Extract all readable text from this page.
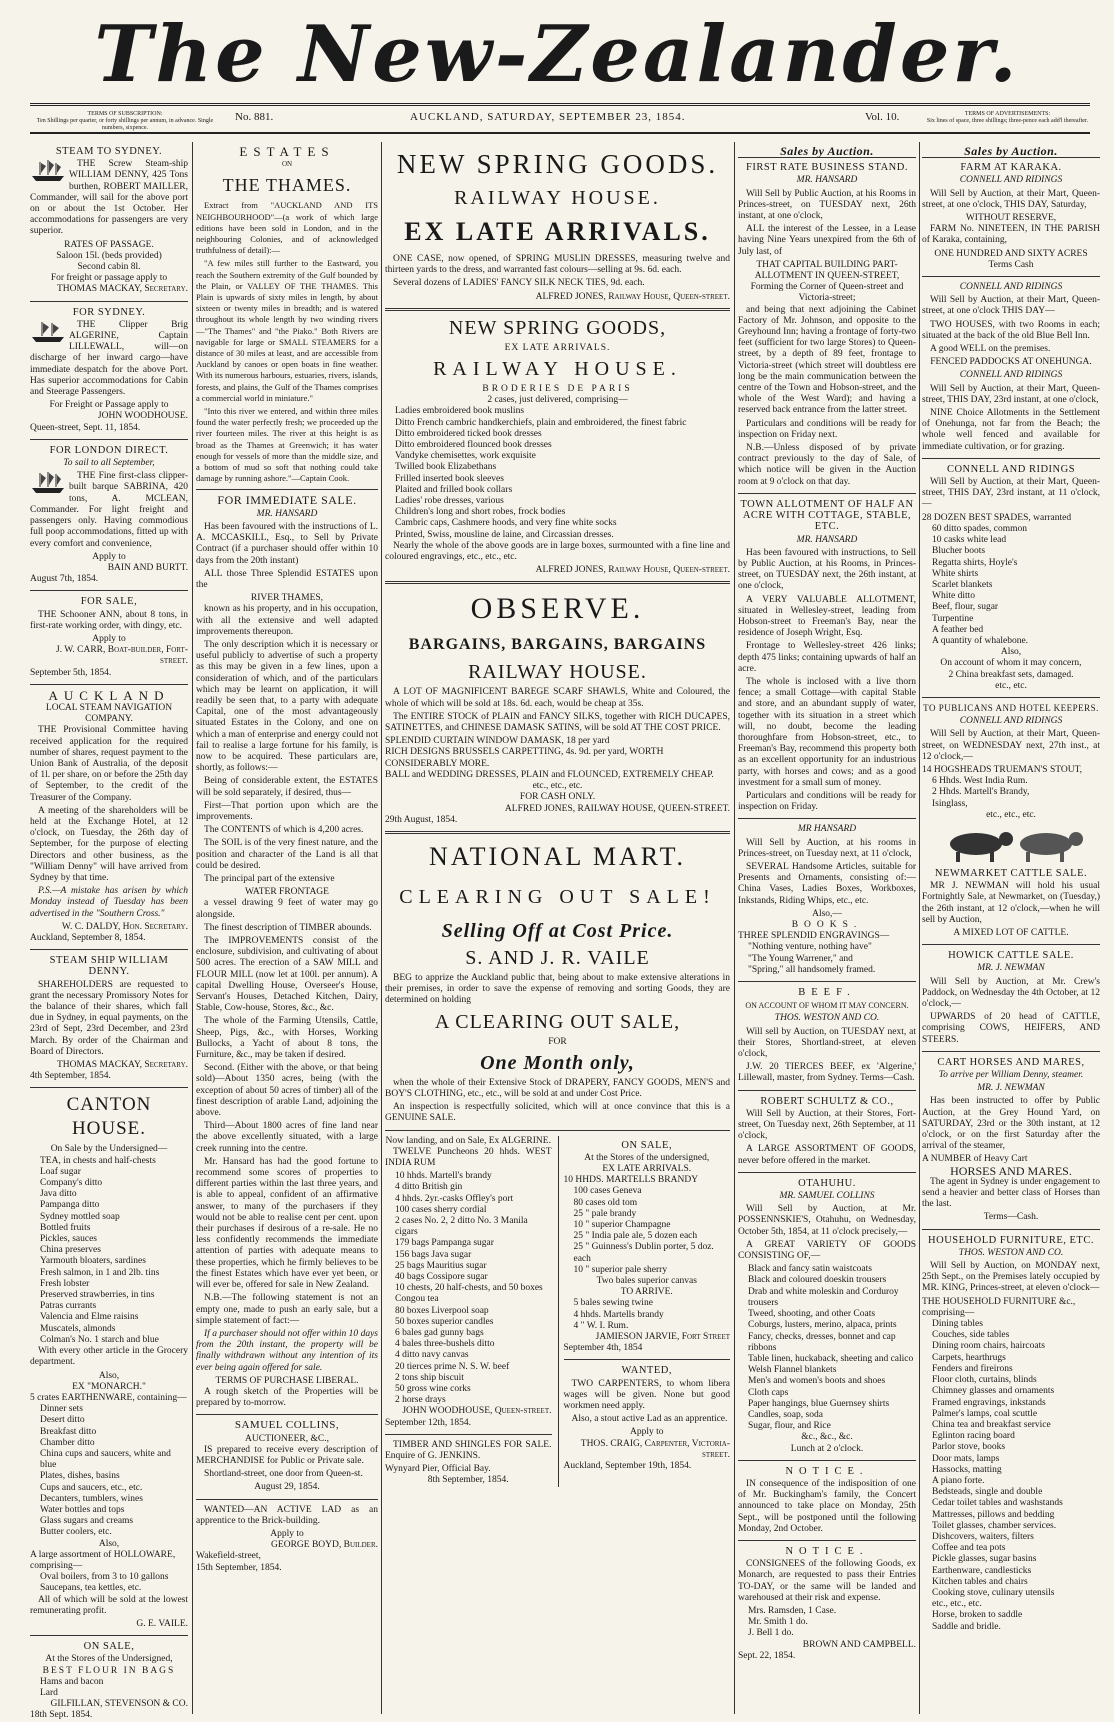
The New-Zealander.
TERMS OF SUBSCRIPTION:
Ten Shillings per quarter, or forty shillings per annum, in advance. Single numbers, sixpence.
No. 881.	AUCKLAND, SATURDAY, SEPTEMBER 23, 1854.	Vol. 10.	TERMS OF ADVERTISEMENTS:
Six lines of space, three shillings; three-pence each add'l thereafter.
STEAM TO SYDNEY.

THE Screw Steam-ship WILLIAM DENNY, 425 Tons burthen, ROBERT MAILLER, Commander, will sail for the above port on or about the 1st October. Her accommodations for passengers are very superior.

RATES OF PASSAGE.
Saloon 15l. (beds provided)
Second cabin 8l.
For freight or passage apply to
THOMAS MACKAY, Secretary.
FOR SYDNEY.

THE Clipper Brig ALGERINE, Captain LILLEWALL, will—on discharge of her inward cargo—have immediate despatch for the above Port. Has superior accommodations for Cabin and Steerage Passengers.

For Freight or Passage apply to
JOHN WOODHOUSE.
Queen-street, Sept. 11, 1854.
FOR LONDON DIRECT.
To sail to all September,

THE Fine first-class clipper-built barque SABRINA, 420 tons, A. MCLEAN, Commander. For light freight and passengers only. Having commodious full poop accommodations, fitted up with every comfort and convenience,

Apply to
BAIN AND BURTT.
August 7th, 1854.
FOR SALE,

THE Schooner ANN, about 8 tons, in first-rate working order, with dingy, etc.

Apply to
J. W. CARR, Boat-builder, Fort-street.
September 5th, 1854.
AUCKLAND
LOCAL STEAM NAVIGATION COMPANY.

THE Provisional Committee having received application for the required number of shares, request payment to the Union Bank of Australia, of the deposit of 1l. per share, on or before the 25th day of September, to the credit of the Treasurer of the Company.

A meeting of the shareholders will be held at the Exchange Hotel, at 12 o'clock, on Tuesday, the 26th day of September, for the purpose of electing Directors and other business, as the "William Denny" will have arrived from Sydney by that time.

P.S.—A mistake has arisen by which Monday instead of Tuesday has been advertised in the "Southern Cross."

W. C. DALDY, Hon. Secretary.
Auckland, September 8, 1854.
STEAM SHIP WILLIAM DENNY.

SHAREHOLDERS are requested to grant the necessary Promissory Notes for the balance of their shares, which fall due in Sydney, in equal payments, on the 23rd of Sept, 23rd December, and 23rd March. By order of the Chairman and Board of Directors.

THOMAS MACKAY, Secretary.
4th September, 1854.
CANTON HOUSE.
On Sale by the Undersigned—
TEA, in chests and half-chests
Loaf sugar
Company's ditto
Java ditto
Pampanga ditto
Sydney mottled soap
Bottled fruits
Pickles, sauces
China preserves
Yarmouth bloaters, sardines
Fresh salmon, in 1 and 2lb. tins
Fresh lobster
Preserved strawberries, in tins
Patras currants
Valencia and Elme raisins
Muscatels, almonds
Colman's No. 1 starch and blue

With every other article in the Grocery department.

Also,
EX "MONARCH."
5 crates EARTHENWARE, containing—
Dinner sets
Desert ditto
Breakfast ditto
Chamber ditto
China cups and saucers, white and blue
Plates, dishes, basins
Cups and saucers, etc., etc.
Decanters, tumblers, wines
Water bottles and tops
Glass sugars and creams
Butter coolers, etc.
Also,
A large assortment of HOLLOWARE, comprising—
Oval boilers, from 3 to 10 gallons
Saucepans, tea kettles, etc.

All of which will be sold at the lowest remunerating profit.

G. E. VAILE.
ON SALE,
At the Stores of the Undersigned,
BEST FLOUR IN BAGS
Hams and bacon
Lard
GILFILLAN, STEVENSON & CO.
18th Sept. 1854.
ESTATES
ON
THE THAMES.

Extract from "AUCKLAND AND ITS NEIGHBOURHOOD"—(a work of which large editions have been sold in London, and in the neighbouring Colonies, and of acknowledged truthfulness of detail):—

"A few miles still further to the Eastward, you reach the Southern extremity of the Gulf bounded by the Plain, or VALLEY OF THE THAMES. This Plain is upwards of sixty miles in length, by about sixteen or twenty miles in breadth; and is watered throughout its whole length by two winding rivers—"The Thames" and "the Piako." Both Rivers are navigable for large or SMALL STEAMERS for a distance of 30 miles at least, and are accessible from Auckland by canoes or open boats in fine weather. With its numerous harbours, estuaries, rivers, islands, forests, and plains, the Gulf of the Thames comprises a commercial world in miniature."

"Into this river we entered, and within three miles found the water perfectly fresh; we proceeded up the river fourteen miles. The river at this height is as broad as the Thames at Greenwich; it has water enough for vessels of more than the middle size, and a bottom of mud so soft that nothing could take damage by running ashore."—Captain Cook.

FOR IMMEDIATE SALE.
MR. HANSARD

Has been favoured with the instructions of L. A. MCCASKILL, Esq., to Sell by Private Contract (if a purchaser should offer within 10 days from the 20th instant)

ALL those Three Splendid ESTATES upon the

RIVER THAMES,

known as his property, and in his occupation, with all the extensive and well adapted improvements thereupon.

The only description which it is necessary or useful publicly to advertise of such a property as this may be given in a few lines, upon a consideration of which, and of the particulars which may be learnt on application, it will readily be seen that, to a party with adequate Capital, one of the most advantageously situated Estates in the Colony, and one on which a man of enterprise and energy could not fail to realise a large fortune for his family, is now to be acquired. These particulars are, shortly, as follows:—

Being of considerable extent, the ESTATES will be sold separately, if desired, thus—

First—That portion upon which are the improvements.

The CONTENTS of which is 4,200 acres.

The SOIL is of the very finest nature, and the position and character of the Land is all that could be desired.

The principal part of the extensive

WATER FRONTAGE

a vessel drawing 9 feet of water may go alongside.

The finest description of TIMBER abounds.

The IMPROVEMENTS consist of the enclosure, subdivision, and cultivating of about 500 acres. The erection of a SAW MILL and FLOUR MILL (now let at 100l. per annum). A capital Dwelling House, Overseer's House, Servant's Houses, Detached Kitchen, Dairy, Stable, Cow-house, Stores, &c., &c.

The whole of the Farming Utensils, Cattle, Sheep, Pigs, &c., with Horses, Working Bullocks, a Yacht of about 8 tons, the Furniture, &c., may be taken if desired.

Second. (Either with the above, or that being sold)—About 1350 acres, being (with the exception of about 50 acres of timber) all of the finest description of arable Land, adjoining the above.

Third—About 1800 acres of fine land near the above excellently situated, with a large creek running into the centre.

Mr. Hansard has had the good fortune to recommend some scores of properties to different parties within the last three years, and is able to appeal, confident of an affirmative answer, to many of the purchasers if they would not be able to realise cent per cent. upon their purchases if desirous of a re-sale. He no less confidently recommends the immediate attention of parties with adequate means to these properties, which he firmly believes to be the finest Estates which have ever yet been, or will ever be, offered for sale in New Zealand.

N.B.—The following statement is not an empty one, made to push an early sale, but a simple statement of fact:—

If a purchaser should not offer within 10 days from the 20th instant, the property will be finally withdrawn without any intention of its ever being again offered for sale.

TERMS OF PURCHASE LIBERAL.

A rough sketch of the Properties will be prepared by to-morrow.

SAMUEL COLLINS,
AUCTIONEER, &C.,

IS prepared to receive every description of MERCHANDISE for Public or Private sale.

Shortland-street, one door from Queen-st.

August 29, 1854.

WANTED—AN ACTIVE LAD as an apprentice to the Brick-building.

Apply to
GEORGE BOYD, Builder.
Wakefield-street,
15th September, 1854.
NEW SPRING GOODS.
RAILWAY HOUSE.
EX LATE ARRIVALS.

ONE CASE, now opened, of SPRING MUSLIN DRESSES, measuring twelve and thirteen yards to the dress, and warranted fast colours—selling at 9s. 6d. each.

Several dozens of LADIES' FANCY SILK NECK TIES, 9d. each.

ALFRED JONES, Railway House, Queen-street.
NEW SPRING GOODS,
EX LATE ARRIVALS.
RAILWAY HOUSE.
BRODERIES DE PARIS
2 cases, just delivered, comprising—
Ladies embroidered book muslins
Ditto French cambric handkerchiefs, plain and embroidered, the finest fabric
Ditto embroidered ticked book dresses
Ditto embroidered flounced book dresses
Vandyke chemisettes, work exquisite
Twilled book Elizabethans
Frilled inserted book sleeves
Plaited and frilled book collars
Ladies' robe dresses, various
Children's long and short robes, frock bodies
Cambric caps, Cashmere hoods, and very fine white socks
Printed, Swiss, mousline de laine, and Circassian dresses.

Nearly the whole of the above goods are in large boxes, surmounted with a fine line and coloured engravings, etc., etc., etc.

ALFRED JONES, Railway House, Queen-street.
OBSERVE.
BARGAINS, BARGAINS, BARGAINS
RAILWAY HOUSE.

A LOT OF MAGNIFICENT BAREGE SCARF SHAWLS, White and Coloured, the whole of which will be sold at 18s. 6d. each, would be cheap at 35s.

The ENTIRE STOCK of PLAIN and FANCY SILKS, together with RICH DUCAPES, SATINETTES, and CHINESE DAMASK SATINS, will be sold AT THE COST PRICE.

SPLENDID CURTAIN WINDOW DAMASK, 18 per yard
RICH DESIGNS BRUSSELS CARPETTING, 4s. 9d. per yard, WORTH CONSIDERABLY MORE.
BALL and WEDDING DRESSES, PLAIN and FLOUNCED, EXTREMELY CHEAP.
etc., etc., etc.
FOR CASH ONLY.
ALFRED JONES, RAILWAY HOUSE, QUEEN-STREET.
29th August, 1854.
NATIONAL MART.
CLEARING OUT SALE!
Selling Off at Cost Price.
S. AND J. R. VAILE

BEG to apprize the Auckland public that, being about to make extensive alterations in their premises, in order to save the expense of removing and sorting Goods, they are determined on holding

A CLEARING OUT SALE,
FOR
One Month only,

when the whole of their Extensive Stock of DRAPERY, FANCY GOODS, MEN'S and BOY'S CLOTHING, etc., etc., will be sold at and under Cost Price.

An inspection is respectfully solicited, which will at once convince that this is a GENUINE SALE.

Now landing, and on Sale, Ex ALGERINE.

TWELVE Puncheons 20 hhds. WEST INDIA RUM

10 hhds. Martell's brandy
4 ditto British gin
4 hhds. 2yr.-casks Offley's port
100 cases sherry cordial
2 cases No. 2, 2 ditto No. 3 Manila cigars
179 bags Pampanga sugar
156 bags Java sugar
25 bags Mauritius sugar
40 bags Cossipore sugar
10 chests, 20 half-chests, and 50 boxes Congou tea
80 boxes Liverpool soap
50 boxes superior candles
6 bales gad gunny bags
4 bales three-bushels ditto
4 ditto navy canvas
20 tierces prime N. S. W. beef
2 tons ship biscuit
50 gross wine corks
2 horse drays
JOHN WOODHOUSE, Queen-street.
September 12th, 1854.

TIMBER AND SHINGLES FOR SALE. Enquire of G. JENKINS.

Wynyard Pier, Official Bay.
8th September, 1854.
ON SALE,
At the Stores of the undersigned,
EX LATE ARRIVALS.
10 HHDS. MARTELLS BRANDY
100 cases Geneva
80 cases old tom
25 " pale brandy
10 " superior Champagne
25 " India pale ale, 5 dozen each
25 " Guinness's Dublin porter, 5 doz. each
10 " superior pale sherry
Two bales superior canvas
TO ARRIVE.
5 bales sewing twine
4 hhds. Martells brandy
4 " W. I. Rum.
JAMIESON JARVIE, Fort Street
September 4th, 1854
WANTED,

TWO CARPENTERS, to whom libera wages will be given. None but good workmen need apply.

Also, a stout active Lad as an apprentice.

Apply to
THOS. CRAIG, Carpenter, Victoria-street.
Auckland, September 19th, 1854.
Sales by Auction.
FIRST RATE BUSINESS STAND.
MR. HANSARD

Will Sell by Public Auction, at his Rooms in Princes-street, on TUESDAY next, 26th instant, at one o'clock,

ALL the interest of the Lessee, in a Lease having Nine Years unexpired from the 6th of July last, of

THAT CAPITAL BUILDING PART-ALLOTMENT IN QUEEN-STREET,
Forming the Corner of Queen-street and Victoria-street;

and being that next adjoining the Cabinet Factory of Mr. Johnson, and opposite to the Greyhound Inn; having a frontage of forty-two feet (sufficient for two large Stores) to Queen-street, by a depth of 89 feet, frontage to Victoria-street (which street will doubtless ere long be the main communication between the centre of the Town and Hobson-street, and the whole of the West Ward); and having a reserved back entrance from the latter street.

Particulars and conditions will be ready for inspection on Friday next.

N.B.—Unless disposed of by private contract previously to the day of Sale, of which notice will be given in the Auction room at 9 o'clock on that day.

TOWN ALLOTMENT OF HALF AN ACRE WITH COTTAGE, STABLE, ETC.
MR. HANSARD

Has been favoured with instructions, to Sell by Public Auction, at his Rooms, in Princes-street, on TUESDAY next, the 26th instant, at one o'clock,

A VERY VALUABLE ALLOTMENT, situated in Wellesley-street, leading from Hobson-street to Freeman's Bay, near the residence of Joseph Wright, Esq.

Frontage to Wellesley-street 426 links; depth 475 links; containing upwards of half an acre.

The whole is inclosed with a live thorn fence; a small Cottage—with capital Stable and store, and an abundant supply of water, together with its situation in a street which will, no doubt, become the leading thoroughfare from Hobson-street, etc., to Freeman's Bay, recommend this property both as an excellent opportunity for an industrious party, with horses and cows; and as a good investment for a small sum of money.

Particulars and conditions will be ready for inspection on Friday.

MR HANSARD

Will Sell by Auction, at his rooms in Princes-street, on Tuesday next, at 11 o'clock,

SEVERAL Handsome Articles, suitable for Presents and Ornaments, consisting of:—China Vases, Ladies Boxes, Workboxes, Inkstands, Riding Whips, etc., etc.

Also,—
BOOKS.
THREE SPLENDID ENGRAVINGS—
"Nothing venture, nothing have"
"The Young Warrener," and
"Spring," all handsomely framed.
BEEF.
ON ACCOUNT OF WHOM IT MAY CONCERN.
THOS. WESTON AND CO.

Will sell by Auction, on TUESDAY next, at their Stores, Shortland-street, at eleven o'clock,

J.W. 20 TIERCES BEEF, ex 'Algerine,' Lillewall, master, from Sydney. Terms—Cash.

ROBERT SCHULTZ & CO.,

Will Sell by Auction, at their Stores, Fort-street, On Tuesday next, 26th September, at 11 o'clock,

A LARGE ASSORTMENT OF GOODS, never before offered in the market.

OTAHUHU.
MR. SAMUEL COLLINS

Will Sell by Auction, at Mr. POSSENNSKIE'S, Otahuhu, on Wednesday, October 5th, 1854, at 11 o'clock precisely,—

A GREAT VARIETY OF GOODS CONSISTING OF,—

Black and fancy satin waistcoats
Black and coloured doeskin trousers
Drab and white moleskin and Corduroy trousers
Tweed, shooting, and other Coats
Coburgs, lusters, merino, alpaca, prints
Fancy, checks, dresses, bonnet and cap ribbons
Table linen, huckaback, sheeting and calico
Welsh Flannel blankets
Men's and women's boots and shoes
Cloth caps
Paper hangings, blue Guernsey shirts
Candles, soap, soda
Sugar, flour, and Rice
&c., &c., &c.
Lunch at 2 o'clock.
NOTICE.

IN consequence of the indisposition of one of Mr. Buckingham's family, the Concert announced to take place on Monday, 25th Sept., will be postponed until the following Monday, 2nd October.

NOTICE.

CONSIGNEES of the following Goods, ex Monarch, are requested to pass their Entries TO-DAY, or the same will be landed and warehoused at their risk and expense.

Mrs. Ramsden, 1 Case.
Mr. Smith 1 do.
J. Bell 1 do.
BROWN AND CAMPBELL.
Sept. 22, 1854.
Sales by Auction.
FARM AT KARAKA.
CONNELL AND RIDINGS

Will Sell by Auction, at their Mart, Queen-street, at one o'clock, THIS DAY, Saturday,

WITHOUT RESERVE,

FARM No. NINETEEN, IN THE PARISH of Karaka, containing,

ONE HUNDRED AND SIXTY ACRES
Terms Cash
CONNELL AND RIDINGS

Will Sell by Auction, at their Mart, Queen-street, at one o'clock THIS DAY—

TWO HOUSES, with two Rooms in each; situated at the back of the old Blue Bell Inn.

A good WELL on the premises.

FENCED PADDOCKS AT ONEHUNGA.
CONNELL AND RIDINGS

Will Sell by Auction, at their Mart, Queen-street, THIS DAY, 23rd instant, at one o'clock,

NINE Choice Allotments in the Settlement of Onehunga, not far from the Beach; the whole well fenced and available for immediate cultivation, or for grazing.

CONNELL AND RIDINGS

Will Sell by Auction, at their Mart, Queen-street, THIS DAY, 23rd instant, at 11 o'clock,—

28 DOZEN BEST SPADES, warranted
60 ditto spades, common
10 casks white lead
Blucher boots
Regatta shirts, Hoyle's
White shirts
Scarlet blankets
White ditto
Beef, flour, sugar
Turpentine
A feather bed
A quantity of whalebone.
Also,
On account of whom it may concern,
2 China breakfast sets, damaged.
etc., etc.
TO PUBLICANS AND HOTEL KEEPERS.
CONNELL AND RIDINGS

Will Sell by Auction, at their Mart, Queen-street, on WEDNESDAY next, 27th inst., at 12 o'clock,—

14 HOGSHEADS TRUEMAN'S STOUT,
6 Hhds. West India Rum.
2 Hhds. Martell's Brandy,
Isinglass,
etc., etc., etc.
NEWMARKET CATTLE SALE.

MR J. NEWMAN will hold his usual Fortnightly Sale, at Newmarket, on (Tuesday,) the 26th instant, at 12 o'clock,—when he will sell by Auction,

A MIXED LOT OF CATTLE.
HOWICK CATTLE SALE.
MR. J. NEWMAN

Will Sell by Auction, at Mr. Crew's Paddock, on Wednesday the 4th October, at 12 o'clock,—

UPWARDS of 20 head of CATTLE, comprising COWS, HEIFERS, AND STEERS.

CART HORSES AND MARES,
To arrive per William Denny, steamer.
MR. J. NEWMAN

Has been instructed to offer by Public Auction, at the Grey Hound Yard, on SATURDAY, 23rd or the 30th instant, at 12 o'clock, or on the first Saturday after the arrival of the steamer,

A NUMBER of Heavy Cart
HORSES AND MARES.

The agent in Sydney is under engagement to send a heavier and better class of Horses than the last.

Terms—Cash.
HOUSEHOLD FURNITURE, ETC.
THOS. WESTON AND CO.

Will Sell by Auction, on MONDAY next, 25th Sept., on the Premises lately occupied by MR. KING, Princes-street, at eleven o'clock—

THE HOUSEHOLD FURNITURE &c., comprising—
Dining tables
Couches, side tables
Dining room chairs, haircoats
Carpets, hearthrugs
Fenders and fireirons
Floor cloth, curtains, blinds
Chimney glasses and ornaments
Framed engravings, inkstands
Palmer's lamps, coal scuttle
China tea and breakfast service
Eglinton racing board
Parlor stove, books
Door mats, lamps
Hassocks, matting
A piano forte.
Bedsteads, single and double
Cedar toilet tables and washstands
Mattresses, pillows and bedding
Toilet glasses, chamber services.
Dishcovers, waiters, filters
Coffee and tea pots
Pickle glasses, sugar basins
Earthenware, candlesticks
Kitchen tables and chairs
Cooking stove, culinary utensils
etc., etc., etc.
Horse, broken to saddle
Saddle and bridle.
